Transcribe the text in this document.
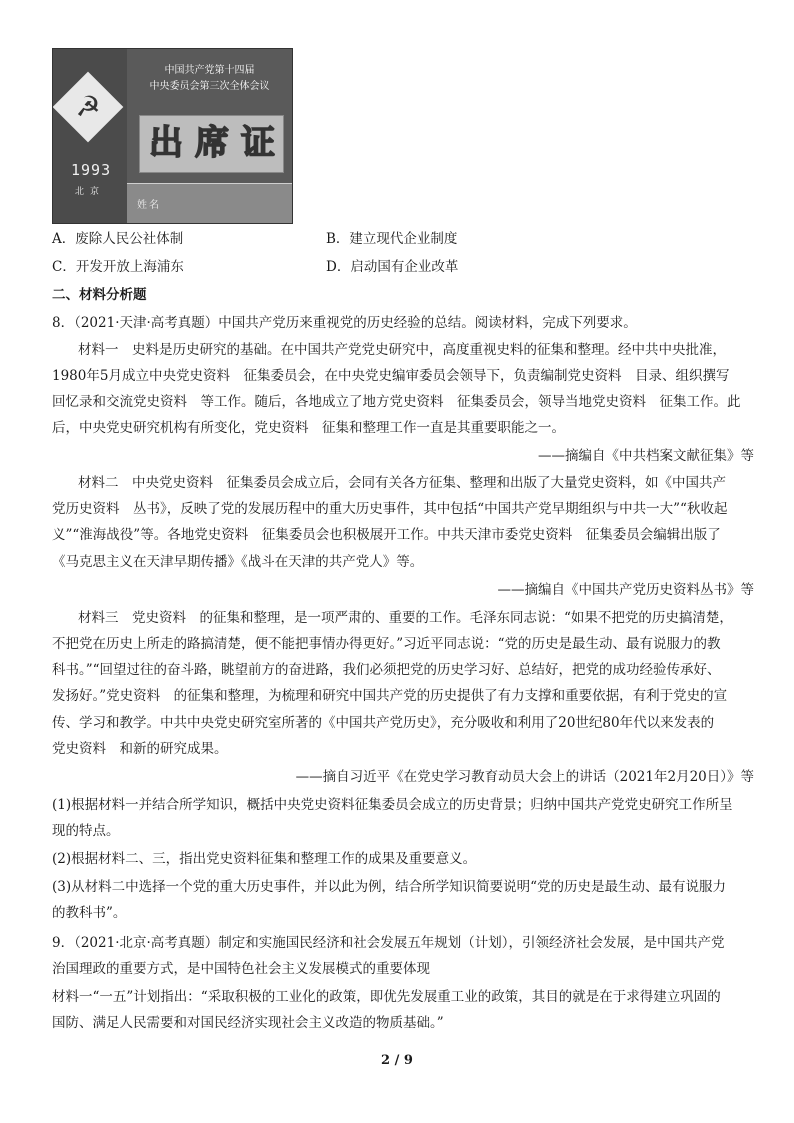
☭
1993
北京
中国共产党第十四届
中央委员会第三次全体会议
出 席 证
姓名
A．废除人民公社体制	B．建立现代企业制度
C．开发开放上海浦东	D．启动国有企业改革
二、材料分析题
8．（2021·天津·高考真题）中国共产党历来重视党的历史经验的总结。阅读材料，完成下列要求。
材料一　史料是历史研究的基础。在中国共产党党史研究中，高度重视史料的征集和整理。经中共中央批准，
1980年5月成立中央党史资料　征集委员会，在中央党史编审委员会领导下，负责编制党史资料　目录、组织撰写
回忆录和交流党史资料　等工作。随后，各地成立了地方党史资料　征集委员会，领导当地党史资料　征集工作。此
后，中央党史研究机构有所变化，党史资料　征集和整理工作一直是其重要职能之一。
——摘编自《中共档案文献征集》等
材料二　中央党史资料　征集委员会成立后，会同有关各方征集、整理和出版了大量党史资料，如《中国共产
党历史资料　丛书》，反映了党的发展历程中的重大历史事件，其中包括“中国共产党早期组织与中共一大”“秋收起
义”“淮海战役”等。各地党史资料　征集委员会也积极展开工作。中共天津市委党史资料　征集委员会编辑出版了
《马克思主义在天津早期传播》《战斗在天津的共产党人》等。
——摘编自《中国共产党历史资料丛书》等
材料三　党史资料　的征集和整理，是一项严肃的、重要的工作。毛泽东同志说：“如果不把党的历史搞清楚，
不把党在历史上所走的路搞清楚，便不能把事情办得更好。”习近平同志说：“党的历史是最生动、最有说服力的教
科书。”“回望过往的奋斗路，眺望前方的奋进路，我们必须把党的历史学习好、总结好，把党的成功经验传承好、
发扬好。”党史资料　的征集和整理，为梳理和研究中国共产党的历史提供了有力支撑和重要依据，有利于党史的宣
传、学习和教学。中共中央党史研究室所著的《中国共产党历史》，充分吸收和利用了20世纪80年代以来发表的
党史资料　和新的研究成果。
——摘自习近平《在党史学习教育动员大会上的讲话（2021年2月20日）》等
(1)根据材料一并结合所学知识，概括中央党史资料征集委员会成立的历史背景；归纳中国共产党党史研究工作所呈
现的特点。
(2)根据材料二、三，指出党史资料征集和整理工作的成果及重要意义。
(3)从材料二中选择一个党的重大历史事件，并以此为例，结合所学知识简要说明“党的历史是最生动、最有说服力
的教科书”。
9．（2021·北京·高考真题）制定和实施国民经济和社会发展五年规划（计划），引领经济社会发展，是中国共产党
治国理政的重要方式，是中国特色社会主义发展模式的重要体现
材料一“一五”计划指出：“采取积极的工业化的政策，即优先发展重工业的政策，其目的就是在于求得建立巩固的
国防、满足人民需要和对国民经济实现社会主义改造的物质基础。”
2 / 9
